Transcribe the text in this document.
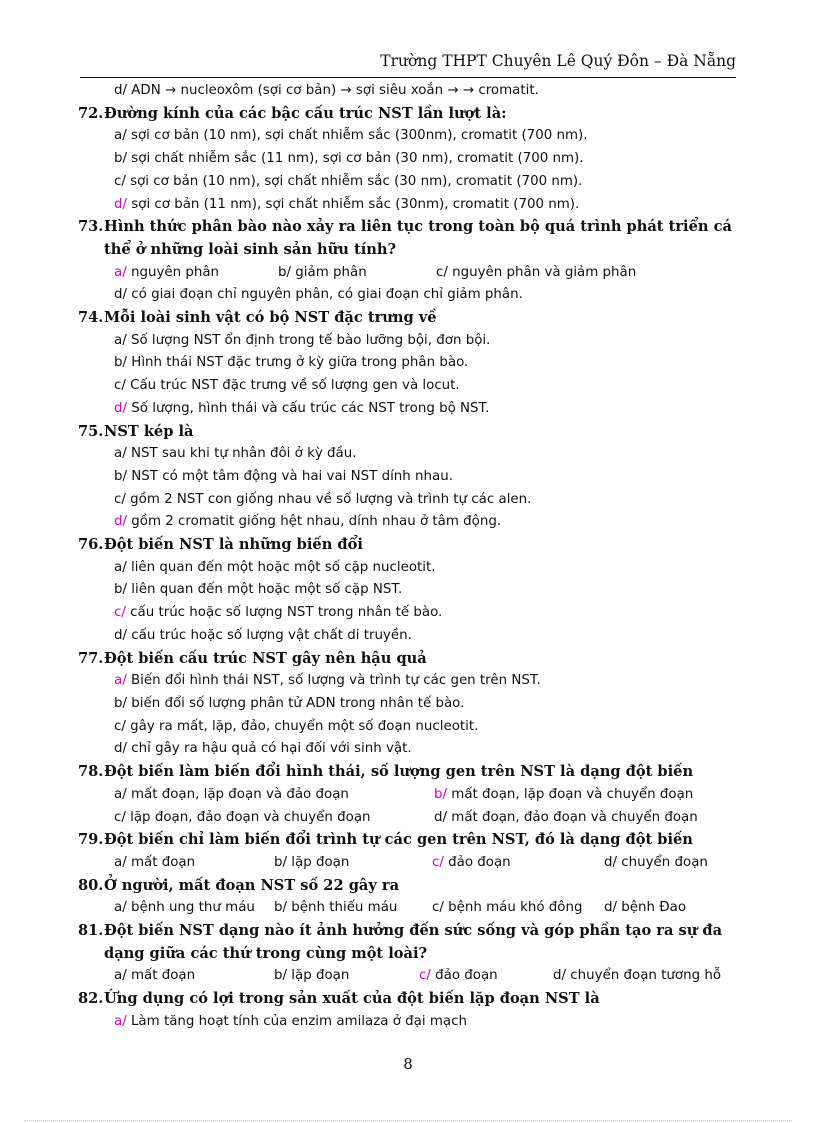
Trường THPT Chuyên Lê Quý Đôn – Đà Nẵng
d/ ADN → nucleoxôm (sợi cơ bản) → sợi siêu xoắn → → cromatit.
72. Đường kính của các bậc cấu trúc NST lần lượt là:
a/ sợi cơ bản (10 nm), sợi chất nhiễm sắc (300nm), cromatit (700 nm).
b/ sợi chất nhiễm sắc (11 nm), sợi cơ bản (30 nm), cromatit (700 nm).
c/ sợi cơ bản (10 nm), sợi chất nhiễm sắc (30 nm), cromatit (700 nm).
d/ sợi cơ bản (11 nm), sợi chất nhiễm sắc (30nm), cromatit (700 nm).
73. Hình thức phân bào nào xảy ra liên tục trong toàn bộ quá trình phát triển cá thể ở những loài sinh sản hữu tính?
a/ nguyên phân	b/ giảm phân	c/ nguyên phân và giảm phân
d/ có giai đoạn chỉ nguyên phân, có giai đoạn chỉ giảm phân.
74. Mỗi loài sinh vật có bộ NST đặc trưng về
a/ Số lượng NST ổn định trong tế bào lưỡng bội, đơn bội.
b/ Hình thái NST đặc trưng ở kỳ giữa trong phân bào.
c/ Cấu trúc NST đặc trưng về số lượng gen và locut.
d/ Số lượng, hình thái và cấu trúc các NST trong bộ NST.
75. NST kép là
a/ NST sau khi tự nhân đôi ở kỳ đầu.
b/ NST có một tâm động và hai vai NST dính nhau.
c/ gồm 2 NST con giống nhau về số lượng và trình tự các alen.
d/ gồm 2 cromatit giống hệt nhau, dính nhau ở tâm động.
76. Đột biến NST là những biến đổi
a/ liên quan đến một hoặc một số cặp nucleotit.
b/ liên quan đến một hoặc một số cặp NST.
c/ cấu trúc hoặc số lượng NST trong nhân tế bào.
d/ cấu trúc hoặc số lượng vật chất di truyền.
77. Đột biến cấu trúc NST gây nên hậu quả
a/ Biến đổi hình thái NST, số lượng và trình tự các gen trên NST.
b/ biến đổi số lượng phân tử ADN trong nhân tế bào.
c/ gây ra mất, lặp, đảo, chuyển một số đoạn nucleotit.
d/ chỉ gây ra hậu quả có hại đối với sinh vật.
78. Đột biến làm biến đổi hình thái, số lượng gen trên NST là dạng đột biến
a/ mất đoạn, lặp đoạn và đảo đoạn	b/ mất đoạn, lặp đoạn và chuyển đoạn
c/ lặp đoạn, đảo đoạn và chuyển đoạn	d/ mất đoạn, đảo đoạn và chuyển đoạn
79. Đột biến chỉ làm biến đổi trình tự các gen trên NST, đó là dạng đột biến
a/ mất đoạn	b/ lặp đoạn	c/ đảo đoạn	d/ chuyển đoạn
80. Ở người, mất đoạn NST số 22 gây ra
a/ bệnh ung thư máu	b/ bệnh thiếu máu	c/ bệnh máu khó đông	d/ bệnh Đao
81. Đột biến NST dạng nào ít ảnh hưởng đến sức sống và góp phần tạo ra sự đa dạng giữa các thứ trong cùng một loài?
a/ mất đoạn	b/ lặp đoạn	c/ đảo đoạn	d/ chuyển đoạn tương hỗ
82. Ứng dụng có lợi trong sản xuất của đột biến lặp đoạn NST là
a/ Làm tăng hoạt tính của enzim amilaza ở đại mạch
8
